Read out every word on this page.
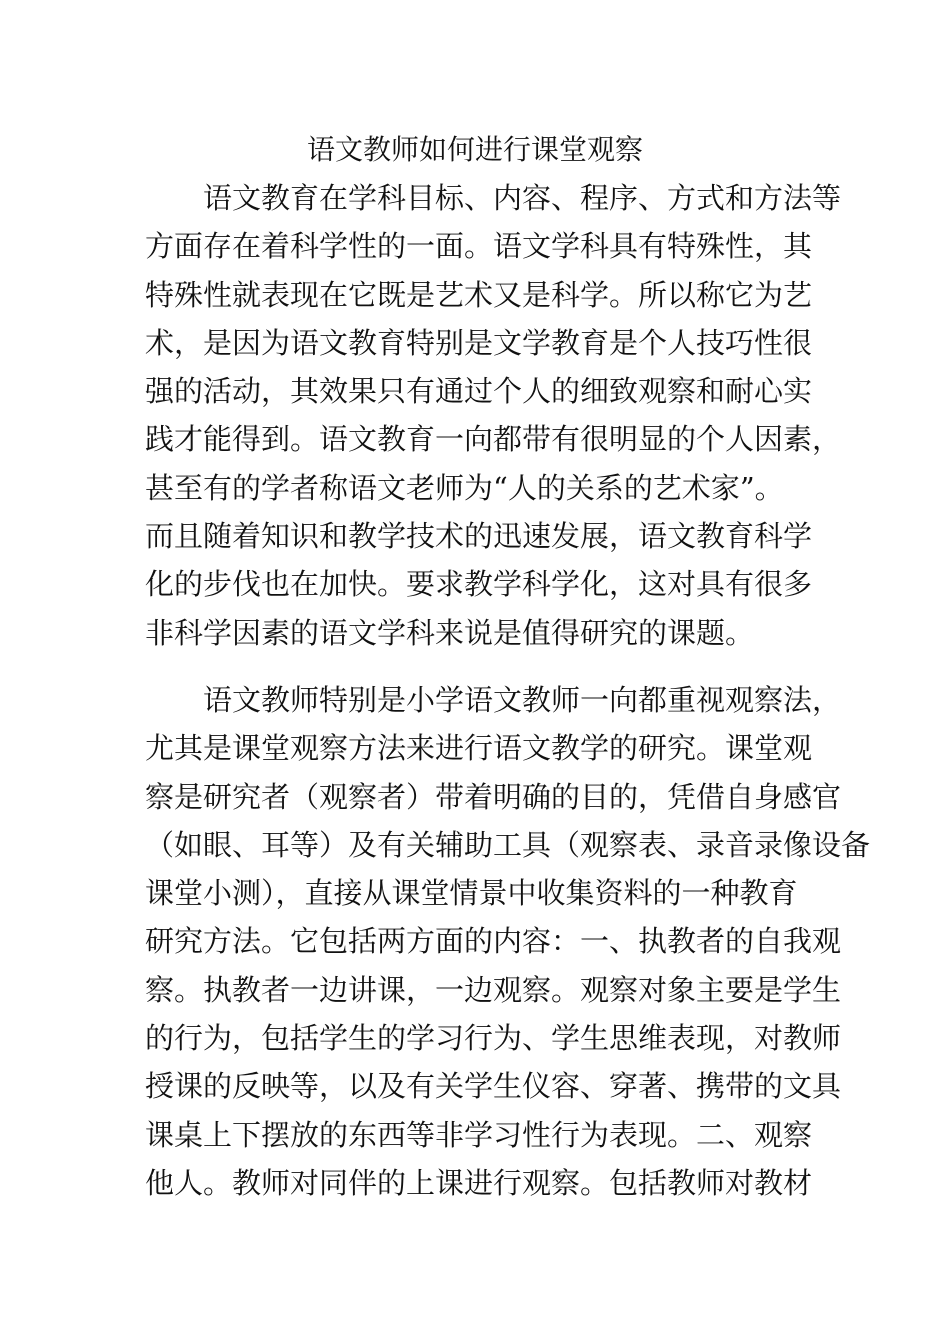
语文教师如何进行课堂观察
语文教育在学科目标、内容、程序、方式和方法等
方面存在着科学性的一面。语文学科具有特殊性，其
特殊性就表现在它既是艺术又是科学。所以称它为艺
术，是因为语文教育特别是文学教育是个人技巧性很
强的活动，其效果只有通过个人的细致观察和耐心实
践才能得到。语文教育一向都带有很明显的个人因素，
甚至有的学者称语文老师为“人的关系的艺术家”。
而且随着知识和教学技术的迅速发展，语文教育科学
化的步伐也在加快。要求教学科学化，这对具有很多
非科学因素的语文学科来说是值得研究的课题。
语文教师特别是小学语文教师一向都重视观察法，
尤其是课堂观察方法来进行语文教学的研究。课堂观
察是研究者（观察者）带着明确的目的，凭借自身感官
（如眼、耳等）及有关辅助工具（观察表、录音录像设备
课堂小测），直接从课堂情景中收集资料的一种教育
研究方法。它包括两方面的内容：一、执教者的自我观
察。执教者一边讲课，一边观察。观察对象主要是学生
的行为，包括学生的学习行为、学生思维表现，对教师
授课的反映等，以及有关学生仪容、穿著、携带的文具
课桌上下摆放的东西等非学习性行为表现。二、观察
他人。教师对同伴的上课进行观察。包括教师对教材
